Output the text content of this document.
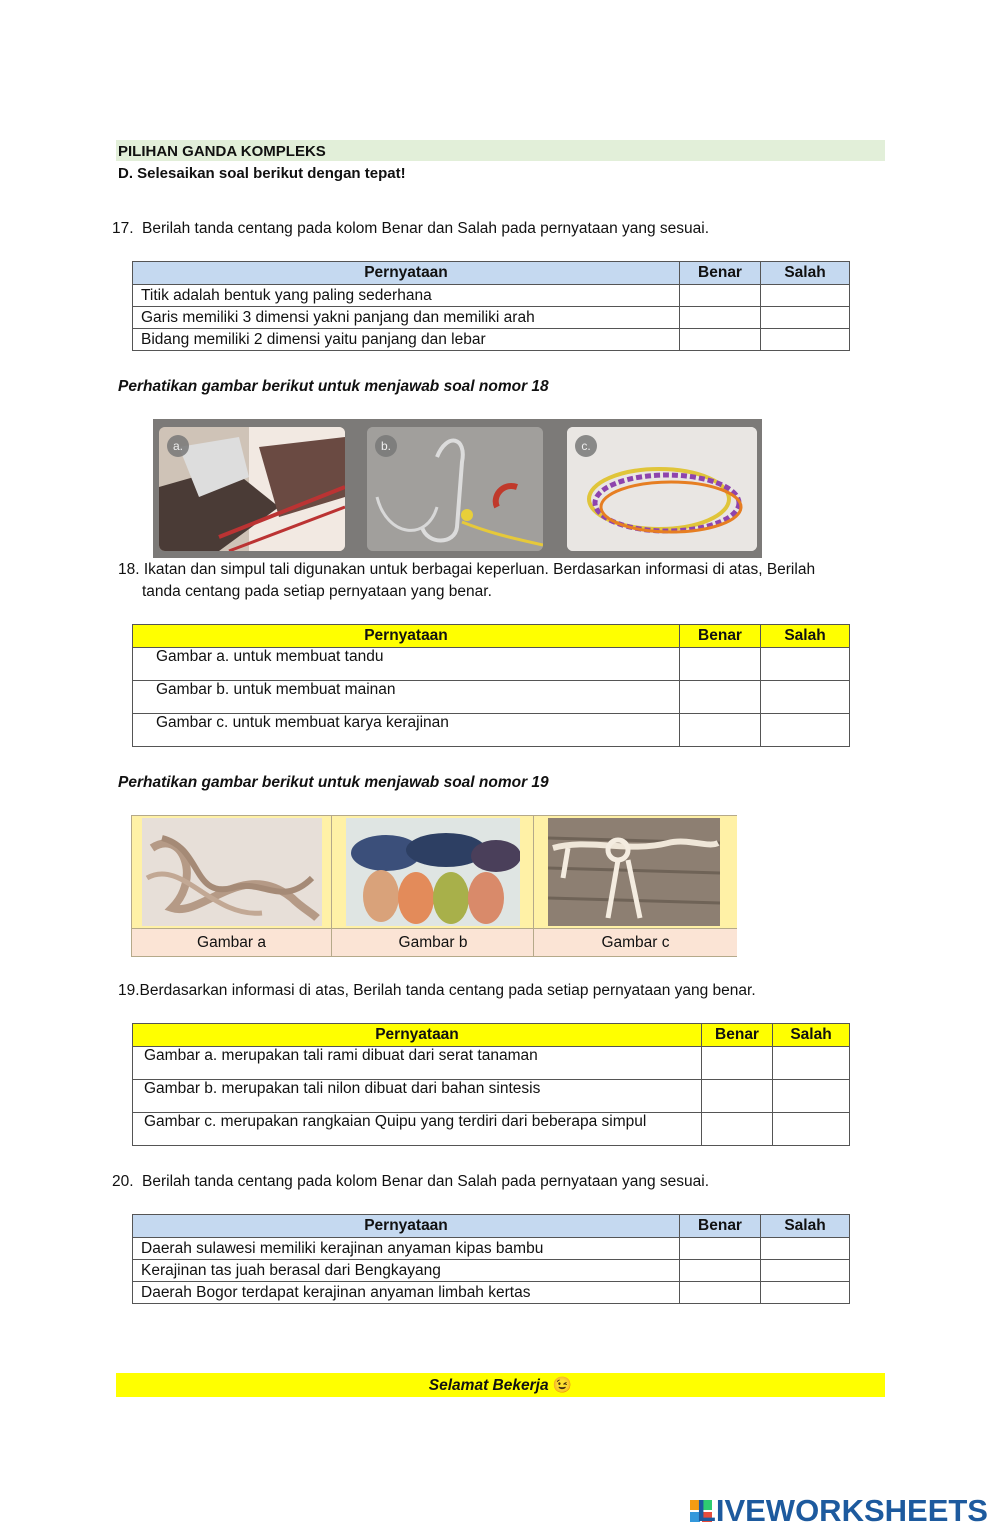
PILIHAN GANDA KOMPLEKS
D. Selesaikan soal berikut dengan tepat!
17. Berilah tanda centang pada kolom Benar dan Salah pada pernyataan yang sesuai.
Pernyataan	Benar	Salah
Titik adalah bentuk yang paling sederhana		
Garis memiliki 3 dimensi yakni panjang dan memiliki arah		
Bidang memiliki 2 dimensi yaitu panjang dan lebar		
Perhatikan gambar berikut untuk menjawab soal nomor 18
a.	b.	c.
18. Ikatan dan simpul tali digunakan untuk berbagai keperluan. Berdasarkan informasi di atas, Berilah
tanda centang pada setiap pernyataan yang benar.
Pernyataan	Benar	Salah
Gambar a. untuk membuat tandu		
Gambar b. untuk membuat mainan		
Gambar c. untuk membuat karya kerajinan		
Perhatikan gambar berikut untuk menjawab soal nomor 19
Gambar a	Gambar b	Gambar c
19.Berdasarkan informasi di atas, Berilah tanda centang pada setiap pernyataan yang benar.
Pernyataan	Benar	Salah
Gambar a. merupakan tali rami dibuat dari serat tanaman		
Gambar b. merupakan tali nilon dibuat dari bahan sintesis		
Gambar c. merupakan rangkaian Quipu yang terdiri dari beberapa simpul		
20. Berilah tanda centang pada kolom Benar dan Salah pada pernyataan yang sesuai.
Pernyataan	Benar	Salah
Daerah sulawesi memiliki kerajinan anyaman kipas bambu		
Kerajinan tas juah berasal dari Bengkayang		
Daerah Bogor terdapat kerajinan anyaman limbah kertas		
Selamat Bekerja 😉
LIVEWORKSHEETS
